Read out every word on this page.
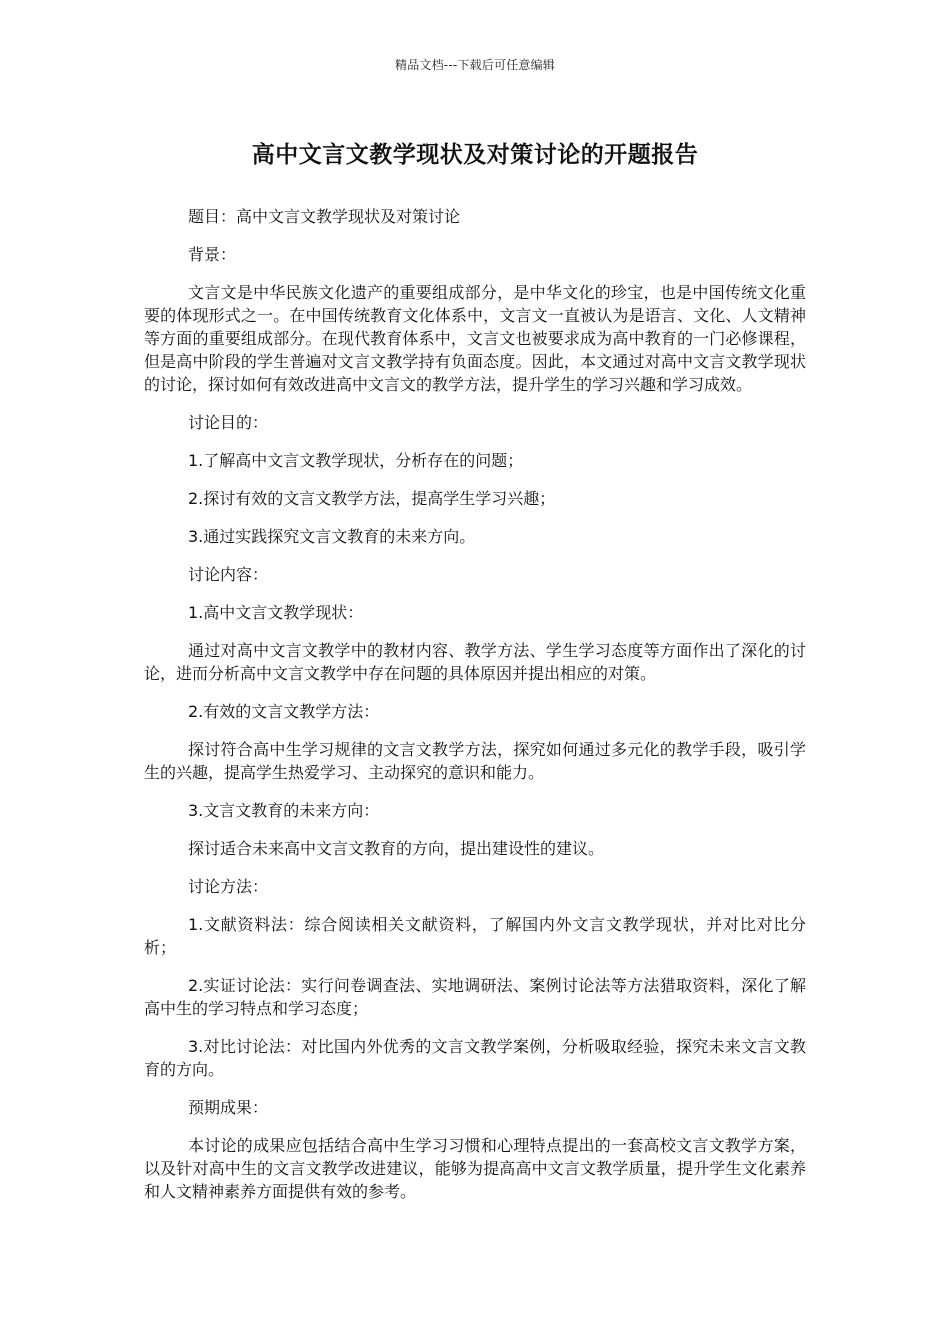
精品文档---下载后可任意编辑
高中文言文教学现状及对策讨论的开题报告

题目：高中文言文教学现状及对策讨论

背景：

文言文是中华民族文化遗产的重要组成部分，是中华文化的珍宝，也是中国传统文化重要的体现形式之一。在中国传统教育文化体系中，文言文一直被认为是语言、文化、人文精神等方面的重要组成部分。在现代教育体系中，文言文也被要求成为高中教育的一门必修课程，但是高中阶段的学生普遍对文言文教学持有负面态度。因此，本文通过对高中文言文教学现状的讨论，探讨如何有效改进高中文言文的教学方法，提升学生的学习兴趣和学习成效。

讨论目的：

1.了解高中文言文教学现状，分析存在的问题；

2.探讨有效的文言文教学方法，提高学生学习兴趣；

3.通过实践探究文言文教育的未来方向。

讨论内容：

1.高中文言文教学现状：

通过对高中文言文教学中的教材内容、教学方法、学生学习态度等方面作出了深化的讨论，进而分析高中文言文教学中存在问题的具体原因并提出相应的对策。

2.有效的文言文教学方法：

探讨符合高中生学习规律的文言文教学方法，探究如何通过多元化的教学手段，吸引学生的兴趣，提高学生热爱学习、主动探究的意识和能力。

3.文言文教育的未来方向：

探讨适合未来高中文言文教育的方向，提出建设性的建议。

讨论方法：

1.文献资料法：综合阅读相关文献资料，了解国内外文言文教学现状，并对比对比分析；

2.实证讨论法：实行问卷调查法、实地调研法、案例讨论法等方法猎取资料，深化了解高中生的学习特点和学习态度；

3.对比讨论法：对比国内外优秀的文言文教学案例，分析吸取经验，探究未来文言文教育的方向。

预期成果：

本讨论的成果应包括结合高中生学习习惯和心理特点提出的一套高校文言文教学方案，以及针对高中生的文言文教学改进建议，能够为提高高中文言文教学质量，提升学生文化素养和人文精神素养方面提供有效的参考。
